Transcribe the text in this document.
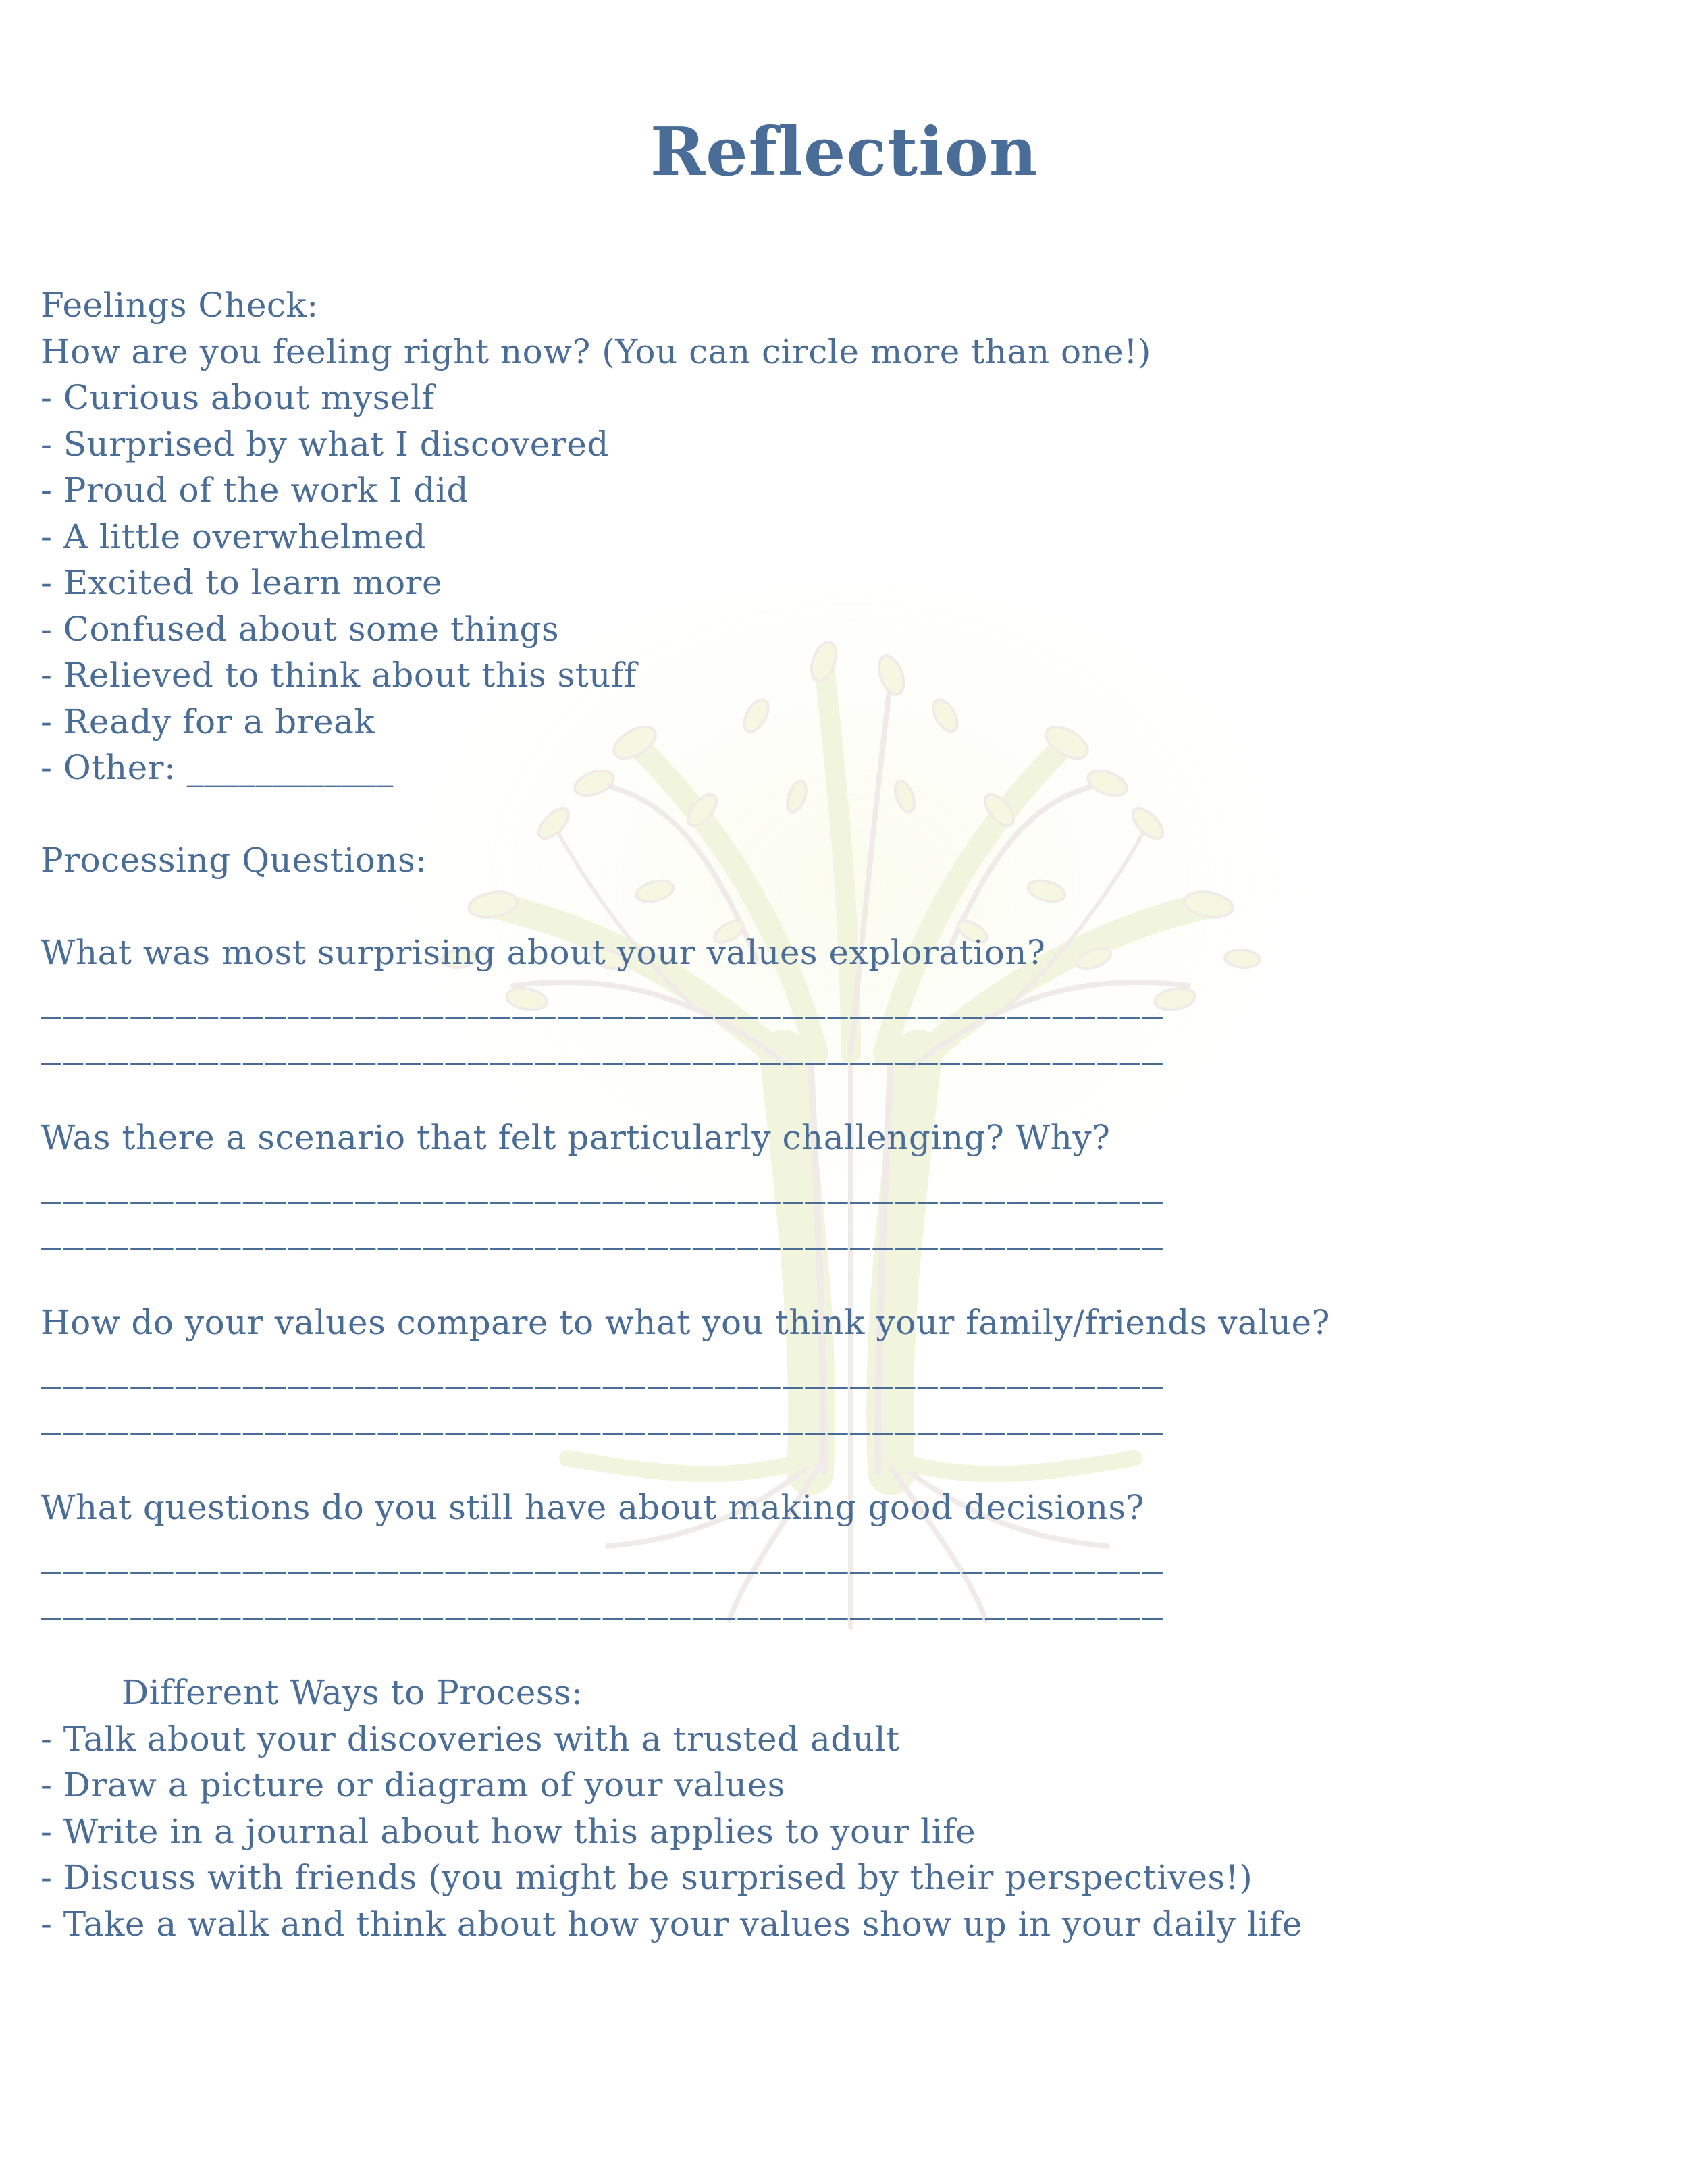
Reflection
Feelings Check:
How are you feeling right now? (You can circle more than one!)
- Curious about myself
- Surprised by what I discovered
- Proud of the work I did
- A little overwhelmed
- Excited to learn more
- Confused about some things
- Relieved to think about this stuff
- Ready for a break
- Other: ____________
Processing Questions:
What was most surprising about your values exploration?
__________________________________________________
__________________________________________________
Was there a scenario that felt particularly challenging? Why?
__________________________________________________
__________________________________________________
How do your values compare to what you think your family/friends value?
__________________________________________________
__________________________________________________
What questions do you still have about making good decisions?
__________________________________________________
__________________________________________________
Different Ways to Process:
- Talk about your discoveries with a trusted adult
- Draw a picture or diagram of your values
- Write in a journal about how this applies to your life
- Discuss with friends (you might be surprised by their perspectives!)
- Take a walk and think about how your values show up in your daily life
